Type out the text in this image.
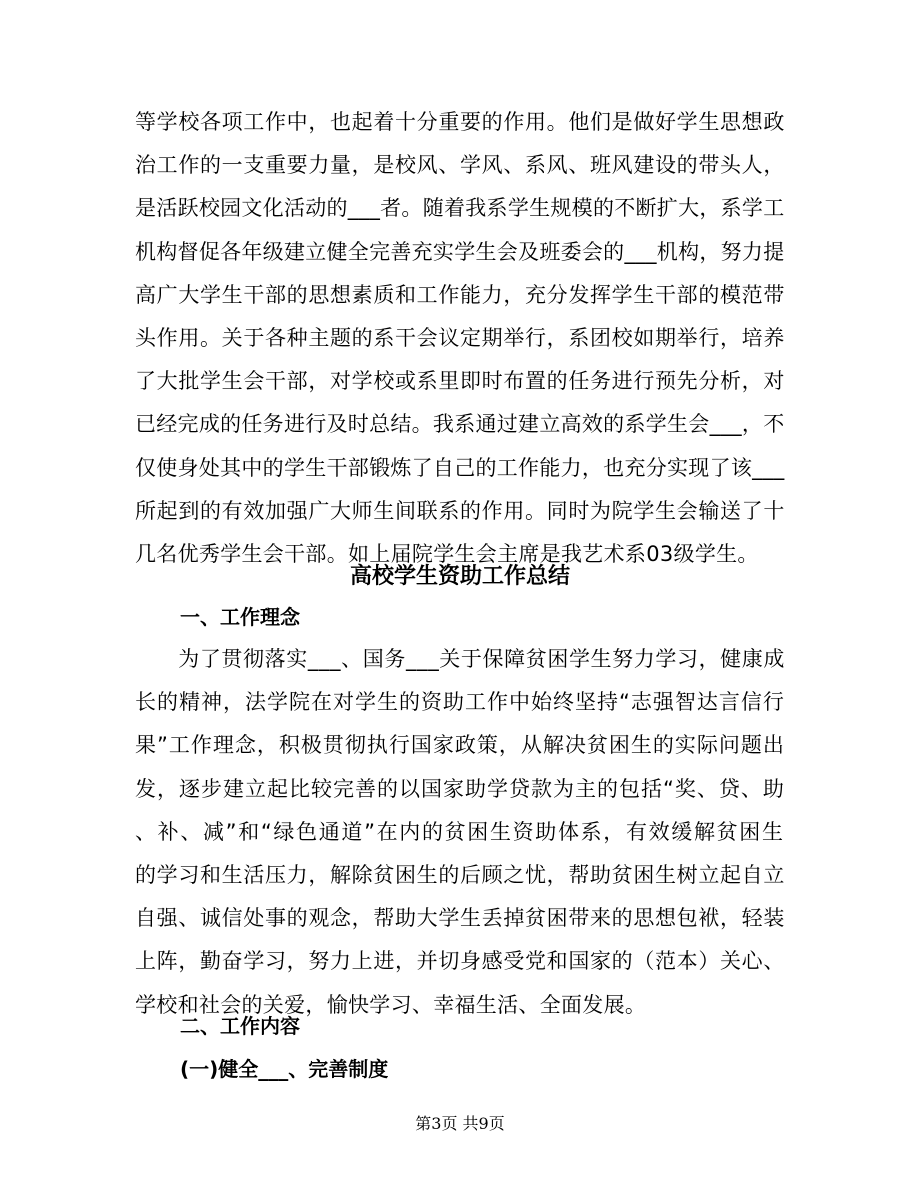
等学校各项工作中，也起着十分重要的作用。他们是做好学生思想政
治工作的一支重要力量，是校风、学风、系风、班风建设的带头人，
是活跃校园文化活动的___者。随着我系学生规模的不断扩大，系学工
机构督促各年级建立健全完善充实学生会及班委会的___机构，努力提
高广大学生干部的思想素质和工作能力，充分发挥学生干部的模范带
头作用。关于各种主题的系干会议定期举行，系团校如期举行，培养
了大批学生会干部，对学校或系里即时布置的任务进行预先分析，对
已经完成的任务进行及时总结。我系通过建立高效的系学生会___，不
仅使身处其中的学生干部锻炼了自己的工作能力，也充分实现了该___
所起到的有效加强广大师生间联系的作用。同时为院学生会输送了十
几名优秀学生会干部。如上届院学生会主席是我艺术系03级学生。
高校学生资助工作总结
一、工作理念
　　为了贯彻落实___、国务___关于保障贫困学生努力学习，健康成
长的精神，法学院在对学生的资助工作中始终坚持“志强智达言信行
果”工作理念，积极贯彻执行国家政策，从解决贫困生的实际问题出
发，逐步建立起比较完善的以国家助学贷款为主的包括“奖、贷、助
、补、减”和“绿色通道”在内的贫困生资助体系，有效缓解贫困生
的学习和生活压力，解除贫困生的后顾之忧，帮助贫困生树立起自立
自强、诚信处事的观念，帮助大学生丢掉贫困带来的思想包袱，轻装
上阵，勤奋学习，努力上进，并切身感受党和国家的（范本）关心、
学校和社会的关爱，愉快学习、幸福生活、全面发展。
二、工作内容
(一)健全___、完善制度
第3页 共9页
